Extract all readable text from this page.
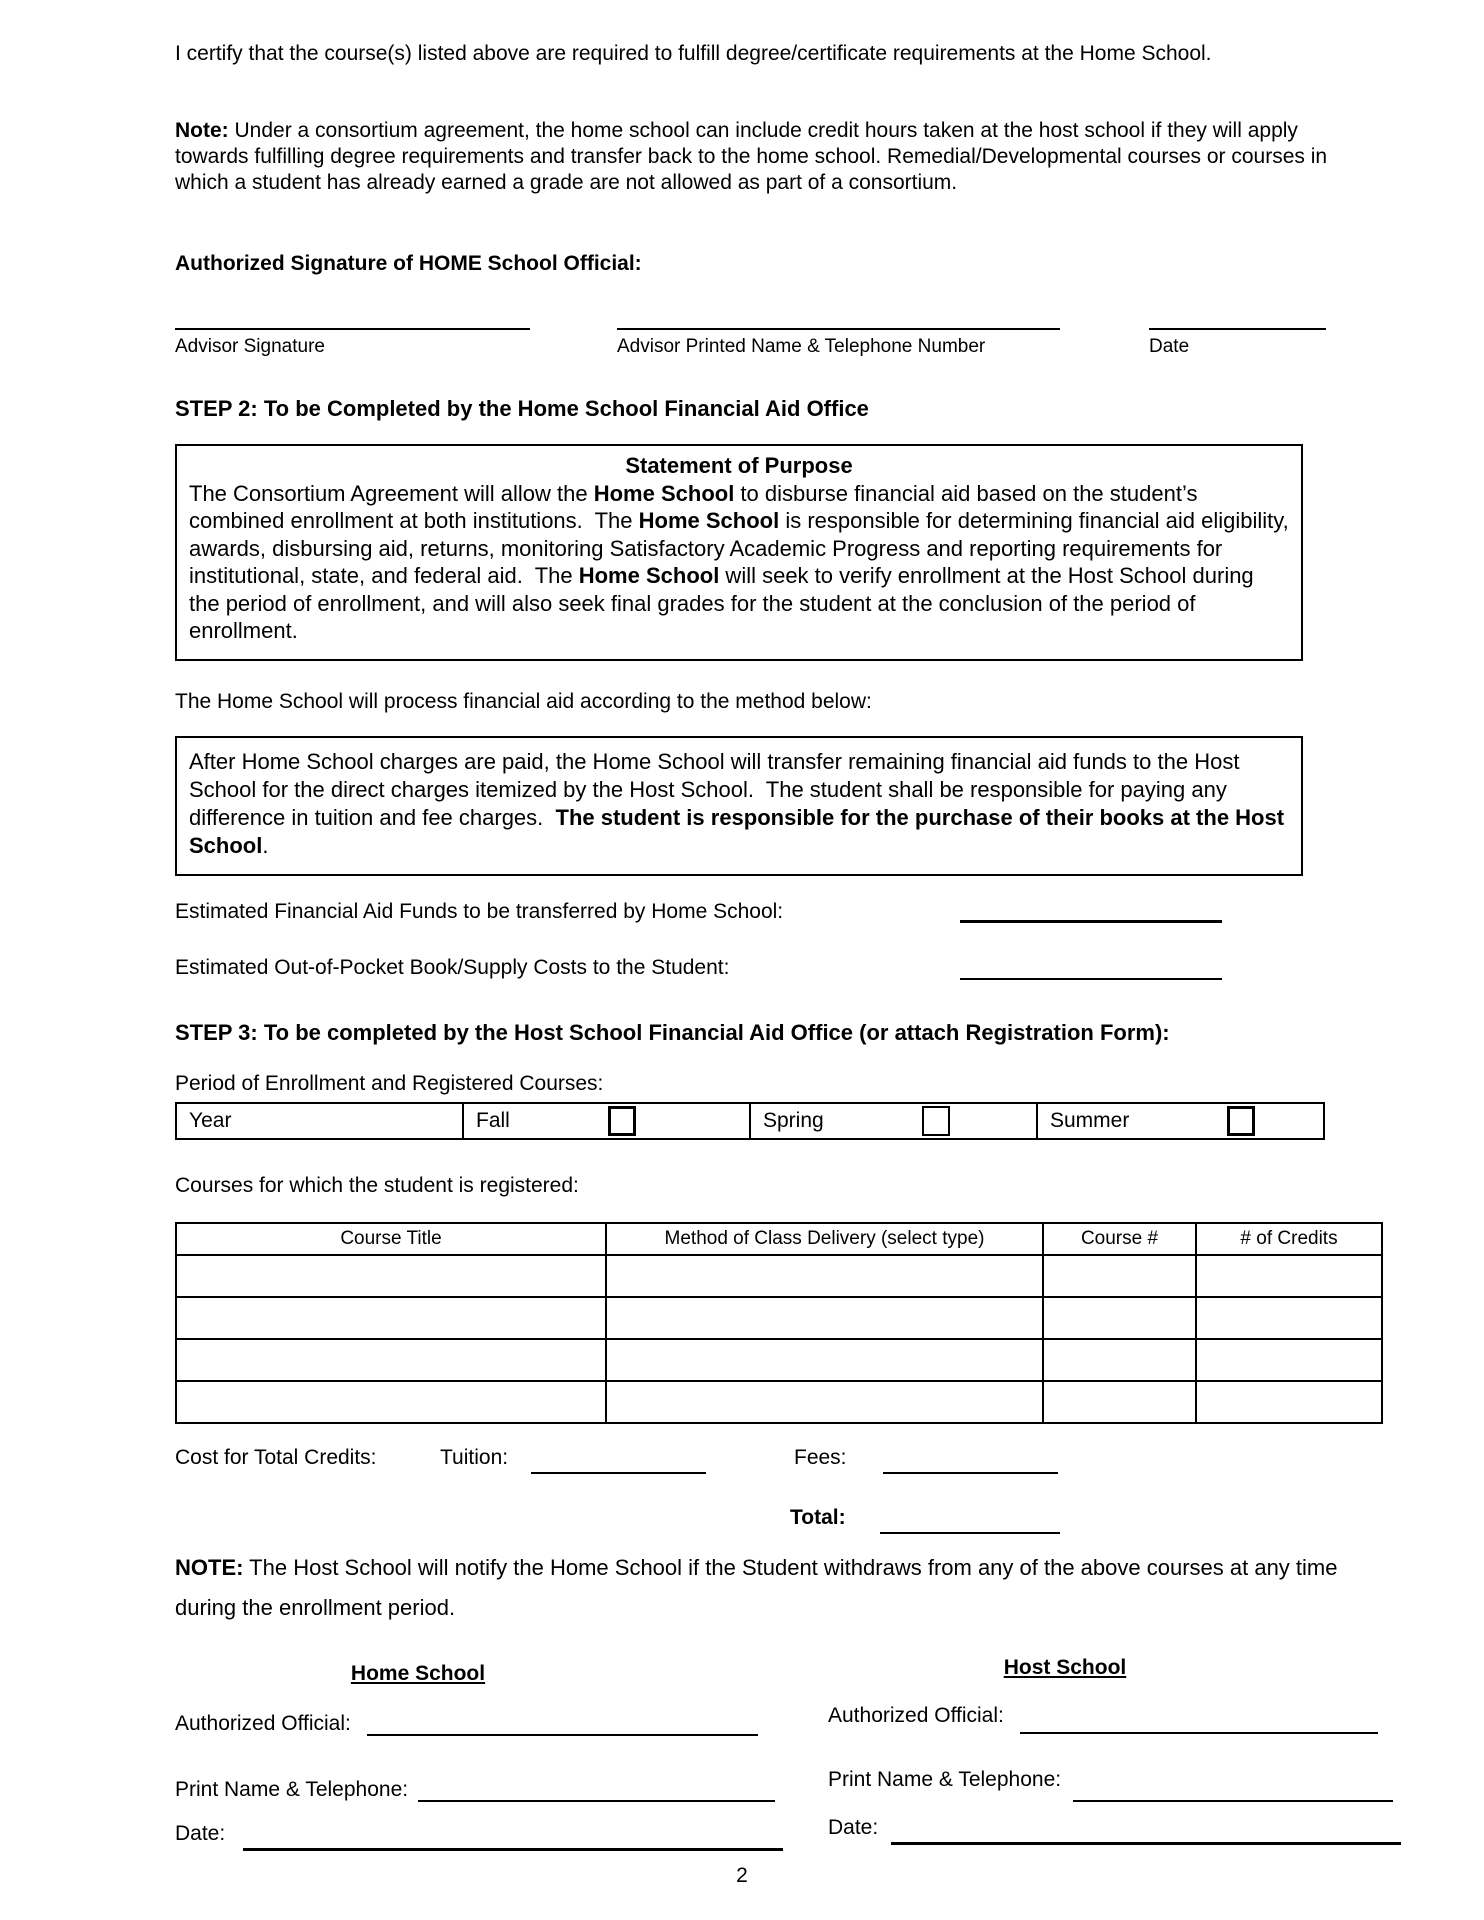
I certify that the course(s) listed above are required to fulfill degree/certificate requirements at the Home School.
Note: Under a consortium agreement, the home school can include credit hours taken at the host school if they will apply towards fulfilling degree requirements and transfer back to the home school. Remedial/Developmental courses or courses in which a student has already earned a grade are not allowed as part of a consortium.
Authorized Signature of HOME School Official:
Advisor Signature	Advisor Printed Name & Telephone Number	Date
STEP 2: To be Completed by the Home School Financial Aid Office
Statement of Purpose
The Consortium Agreement will allow the Home School to disburse financial aid based on the student’s combined enrollment at both institutions.  The Home School is responsible for determining financial aid eligibility, awards, disbursing aid, returns, monitoring Satisfactory Academic Progress and reporting requirements for institutional, state, and federal aid.  The Home School will seek to verify enrollment at the Host School during the period of enrollment, and will also seek final grades for the student at the conclusion of the period of enrollment.
The Home School will process financial aid according to the method below:
After Home School charges are paid, the Home School will transfer remaining financial aid funds to the Host School for the direct charges itemized by the Host School.  The student shall be responsible for paying any difference in tuition and fee charges.  The student is responsible for the purchase of their books at the Host School.
Estimated Financial Aid Funds to be transferred by Home School:
Estimated Out-of-Pocket Book/Supply Costs to the Student:
STEP 3: To be completed by the Host School Financial Aid Office (or attach Registration Form):
Period of Enrollment and Registered Courses:
Year	Fall	Spring	Summer
Courses for which the student is registered:
Course Title	Method of Class Delivery (select type)	Course #	# of Credits

Cost for Total Credits:	Tuition:	Fees:
Total:
NOTE: The Host School will notify the Home School if the Student withdraws from any of the above courses at any time during the enrollment period.
Home School	Host School
Authorized Official:	Authorized Official:
Print Name & Telephone:	Print Name & Telephone:
Date:	Date:
2
